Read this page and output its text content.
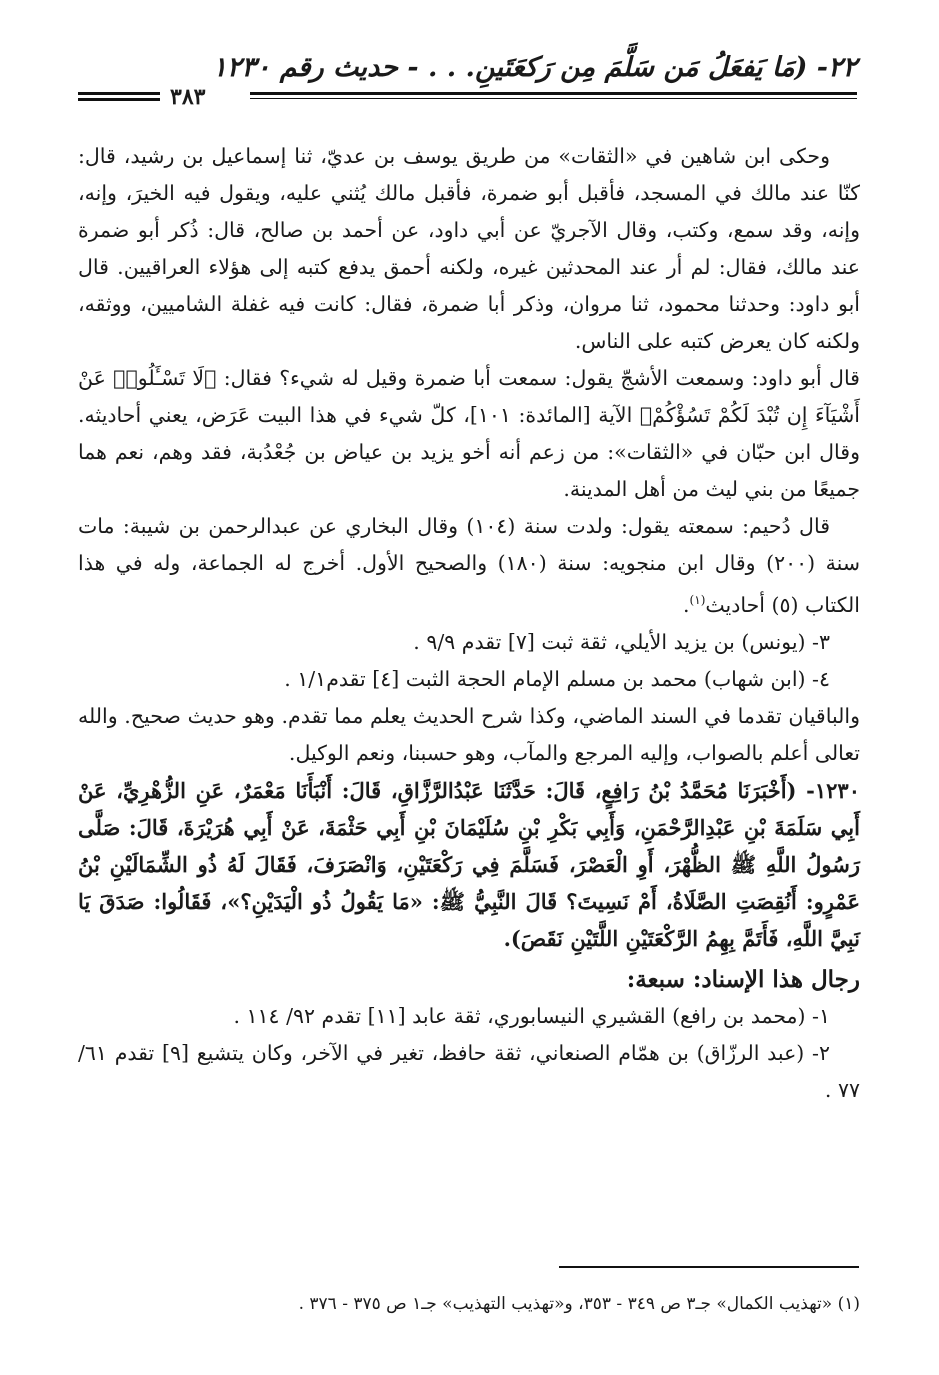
٢٢- (مَا يَفعَلُ مَن سَلَّمَ مِن رَكعَتَينِ. . . - حديث رقم ١٢٣٠
٣٨٣

وحكى ابن شاهين في «الثقات» من طريق يوسف بن عديّ، ثنا إسماعيل بن رشيد، قال: كنّا عند مالك في المسجد، فأقبل أبو ضمرة، فأقبل مالك يُثني عليه، ويقول فيه الخيرَ، وإنه، وإنه، وقد سمع، وكتب، وقال الآجريّ عن أبي داود، عن أحمد بن صالح، قال: ذُكر أبو ضمرة عند مالك، فقال: لم أر عند المحدثين غيره، ولكنه أحمق يدفع كتبه إلى هؤلاء العراقيين. قال أبو داود: وحدثنا محمود، ثنا مروان، وذكر أبا ضمرة، فقال: كانت فيه غفلة الشاميين، ووثقه، ولكنه كان يعرض كتبه على الناس.

قال أبو داود: وسمعت الأشجّ يقول: سمعت أبا ضمرة وقيل له شيء؟ فقال: ﴿لَا تَسْـَٔلُوا۟ عَنْ أَشْيَآءَ إِن تُبْدَ لَكُمْ تَسُؤْكُمْ﴾ الآية [المائدة: ١٠١]، كلّ شيء في هذا البيت عَرَض، يعني أحاديثه. وقال ابن حبّان في «الثقات»: من زعم أنه أخو يزيد بن عياض بن جُعْدُبة، فقد وهم، نعم هما جميعًا من بني ليث من أهل المدينة.

قال دُحيم: سمعته يقول: ولدت سنة (١٠٤) وقال البخاري عن عبدالرحمن بن شيبة: مات سنة (٢٠٠) وقال ابن منجويه: سنة (١٨٠) والصحيح الأول. أخرج له الجماعة، وله في هذا الكتاب (٥) أحاديث$^{(١)}$.

٣- (يونس) بن يزيد الأيلي، ثقة ثبت [٧] تقدم ٩/٩ .

٤- (ابن شهاب) محمد بن مسلم الإمام الحجة الثبت [٤] تقدم١/١ .

والباقيان تقدما في السند الماضي، وكذا شرح الحديث يعلم مما تقدم. وهو حديث صحيح. والله تعالى أعلم بالصواب، وإليه المرجع والمآب، وهو حسبنا، ونعم الوكيل.

١٢٣٠- (أَخْبَرَنَا مُحَمَّدُ بْنُ رَافِعٍ، قَالَ: حَدَّثَنَا عَبْدُالرَّزَّاقِ، قَالَ: أَنْبَأَنَا مَعْمَرٌ، عَنِ الزُّهْرِيِّ، عَنْ أَبِي سَلَمَةَ بْنِ عَبْدِالرَّحْمَنِ، وَأَبِي بَكْرِ بْنِ سُلَيْمَانَ بْنِ أَبِي حَثْمَةَ، عَنْ أَبِي هُرَيْرَةَ، قَالَ: صَلَّى رَسُولُ اللَّهِ ﷺ الظُّهْرَ، أَوِ الْعَصْرَ، فَسَلَّمَ فِي رَكْعَتَيْنِ، وَانْصَرَفَ، فَقَالَ لَهُ ذُو الشِّمَالَيْنِ بْنُ عَمْرٍو: أَنُقِصَتِ الصَّلَاةُ، أَمْ نَسِيتَ؟ قَالَ النَّبِيُّ ﷺ: «مَا يَقُولُ ذُو الْيَدَيْنِ؟»، فَقَالُوا: صَدَقَ يَا نَبِيَّ اللَّهِ، فَأَتَمَّ بِهِمُ الرَّكْعَتَيْنِ اللَّتَيْنِ نَقَصَ).

رجال هذا الإسناد: سبعة:

١- (محمد بن رافع) القشيري النيسابوري، ثقة عابد [١١] تقدم ٩٢/ ١١٤ .

٢- (عبد الرزّاق) بن همّام الصنعاني، ثقة حافظ، تغير في الآخر، وكان يتشيع [٩] تقدم ٦١/ ٧٧ .

(١) «تهذيب الكمال» جـ٣ ص ٣٤٩ - ٣٥٣، و«تهذيب التهذيب» جـ١ ص ٣٧٥ - ٣٧٦ .
